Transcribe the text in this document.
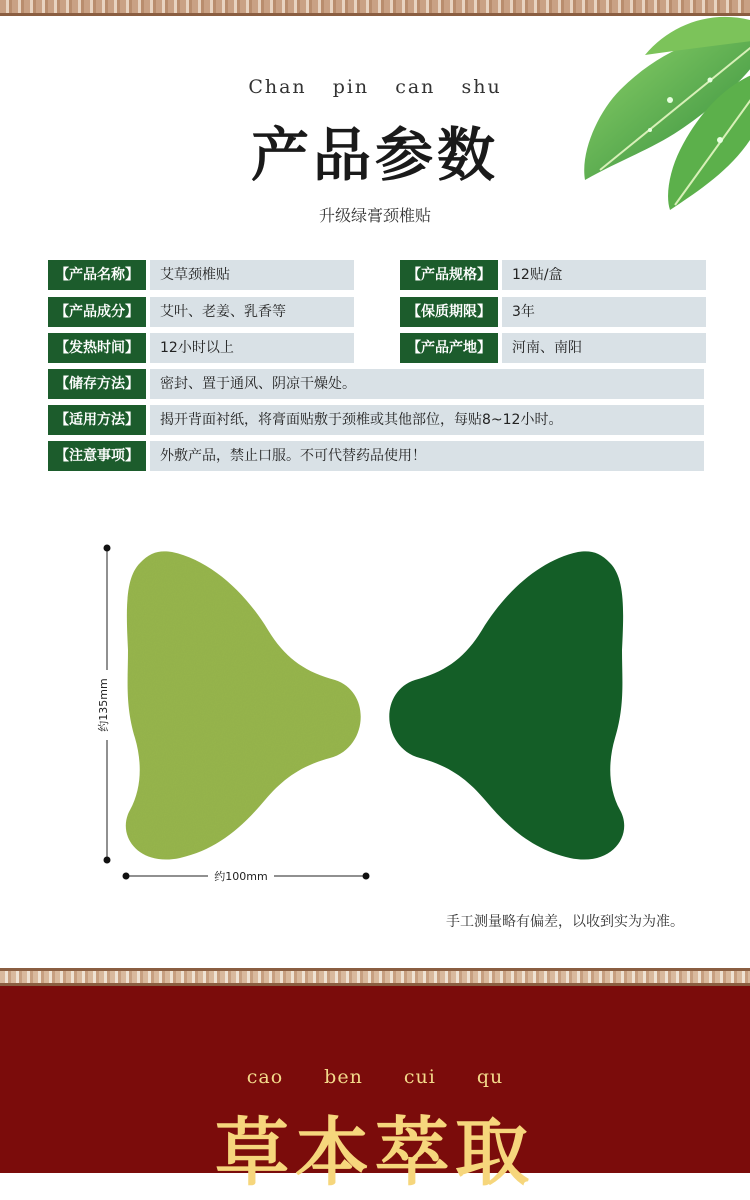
Chan pin can shu
产品参数
升级绿膏颈椎贴
【产品名称】	艾草颈椎贴	【产品规格】	12贴/盒
【产品成分】	艾叶、老姜、乳香等	【保质期限】	3年
【发热时间】	12小时以上	【产品产地】	河南、南阳
【储存方法】	密封、置于通风、阴凉干燥处。
【适用方法】	揭开背面衬纸，将膏面贴敷于颈椎或其他部位，每贴8~12小时。
【注意事项】	外敷产品，禁止口服。不可代替药品使用！
约135mm
约100mm
手工测量略有偏差，以收到实为为准。
cao ben cui qu
草本萃取
